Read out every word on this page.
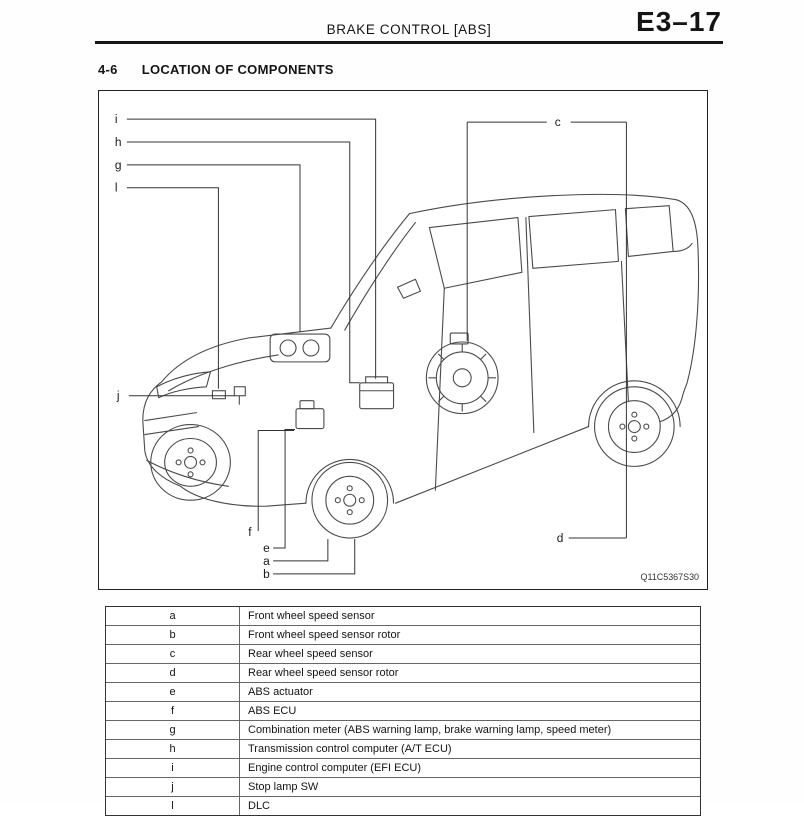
BRAKE CONTROL [ABS]	E3–17
4-6 LOCATION OF COMPONENTS
i
h
g
l
c
d
j
f
e
a
b	Q11C5367S30
a	Front wheel speed sensor
b	Front wheel speed sensor rotor
c	Rear wheel speed sensor
d	Rear wheel speed sensor rotor
e	ABS actuator
f	ABS ECU
g	Combination meter (ABS warning lamp, brake warning lamp, speed meter)
h	Transmission control computer (A/T ECU)
i	Engine control computer (EFI ECU)
j	Stop lamp SW
l	DLC
